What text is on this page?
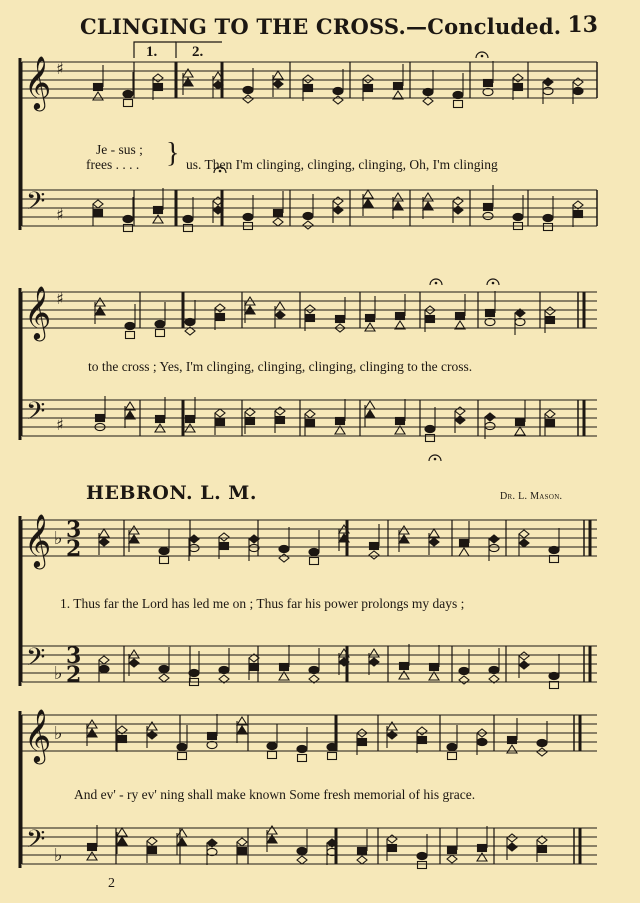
CLINGING TO THE CROSS.—Concluded. 13
𝄞
𝄢
♯
♯
𝄞
𝄢
♯
♯
𝄞
𝄢
♭
♭
3
2
3
2
𝄞
𝄢
♭
♭
1. 2.
Je - sus ;
frees . . . . } us. Then I'm clinging, clinging, clinging, Oh, I'm clinging
to the cross ; Yes, I'm clinging, clinging, clinging, clinging to the cross.
HEBRON. L. M.	Dr. L. Mason.
1. Thus far the Lord has led me on ; Thus far his power prolongs my days ;
And ev' - ry ev' ning shall make known Some fresh memorial of his grace.
2
